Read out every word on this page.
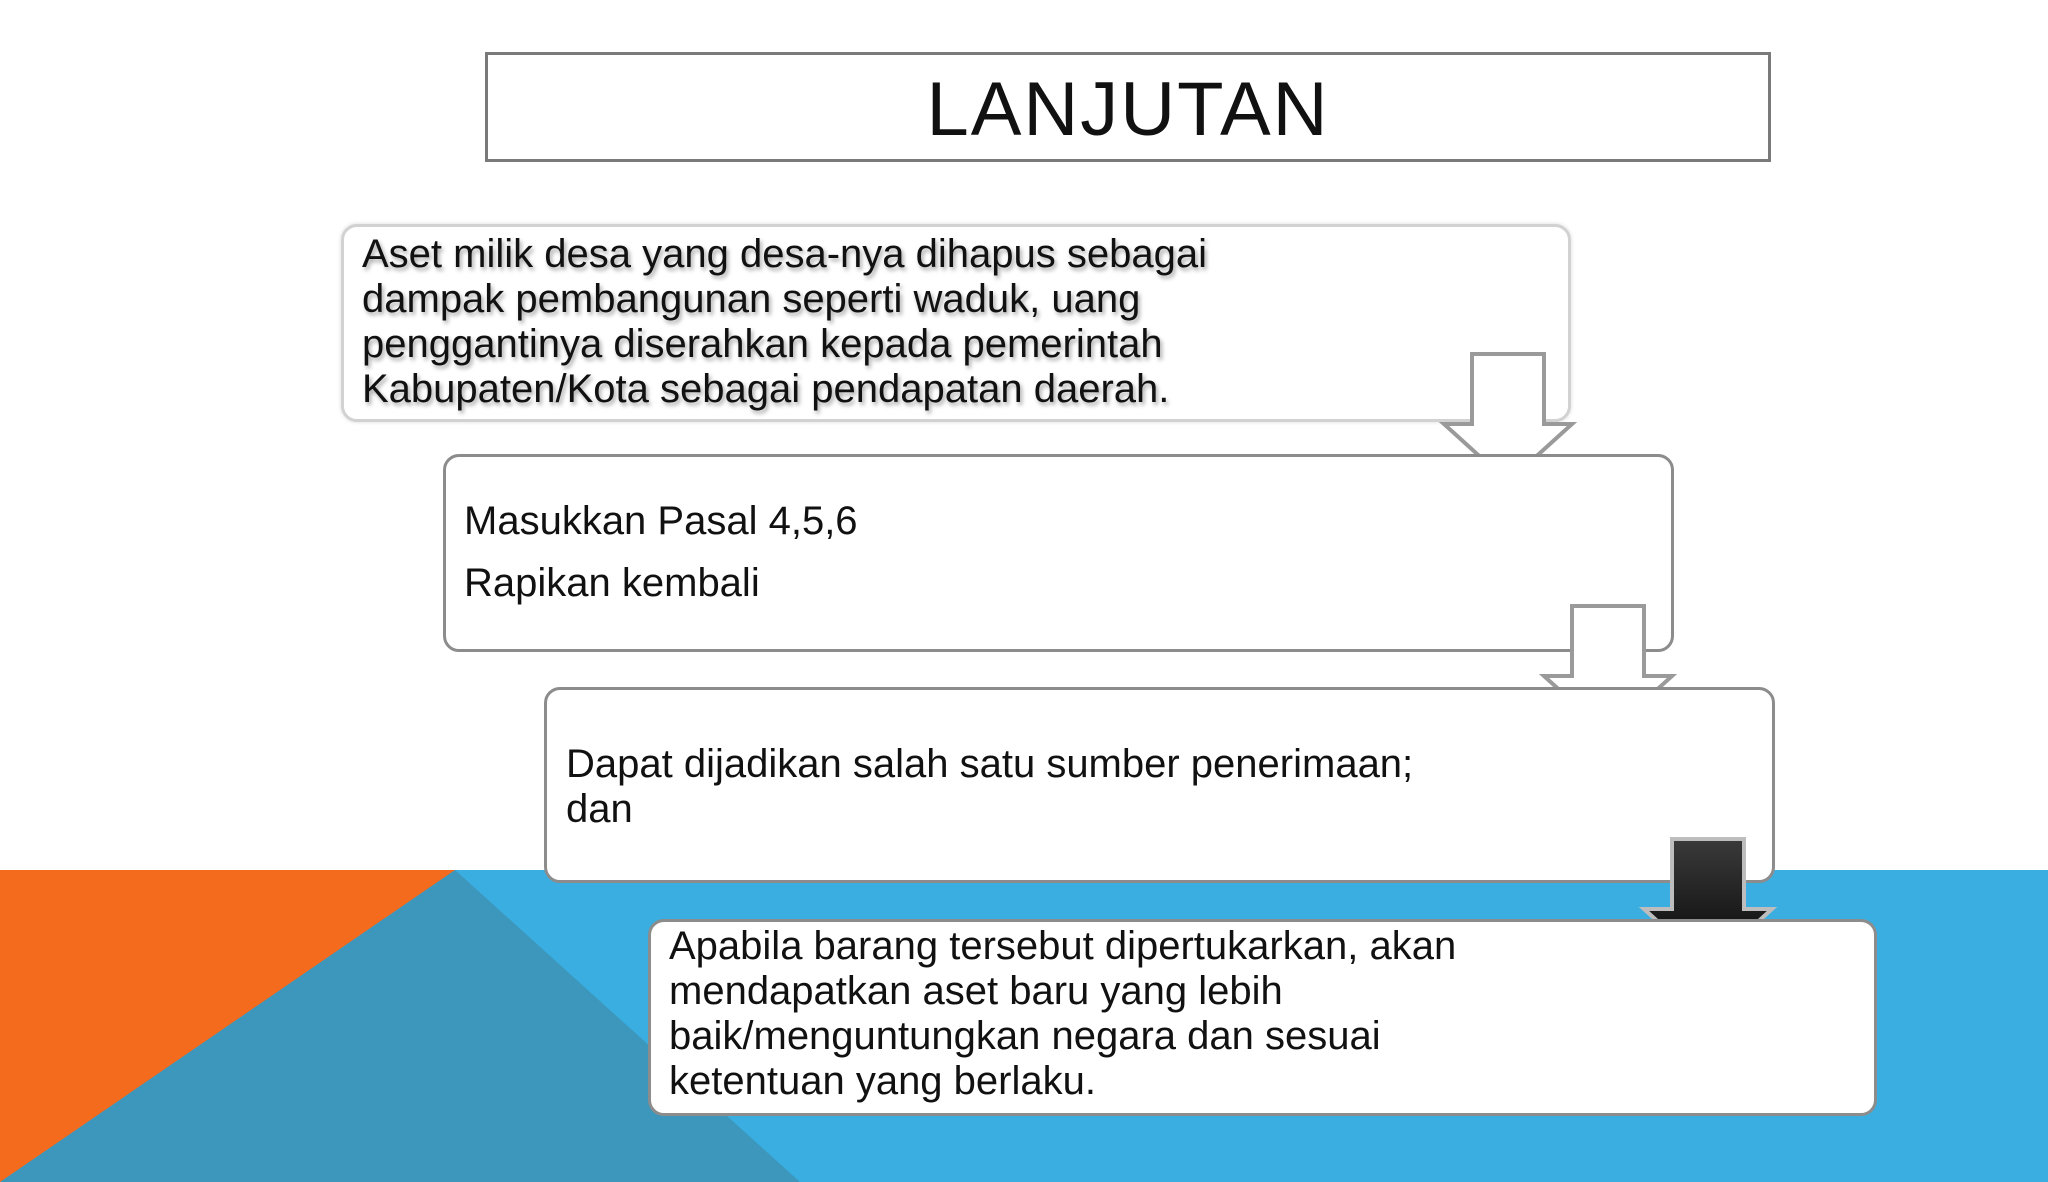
LANJUTAN
Aset milik desa yang desa-nya dihapus sebagai
dampak pembangunan seperti waduk, uang
penggantinya diserahkan kepada pemerintah
Kabupaten/Kota sebagai pendapatan daerah.
Masukkan Pasal 4,5,6
Rapikan kembali
Dapat dijadikan salah satu sumber penerimaan;
dan
Apabila barang tersebut dipertukarkan, akan
mendapatkan aset baru yang lebih
baik/menguntungkan negara dan sesuai
ketentuan yang berlaku.
